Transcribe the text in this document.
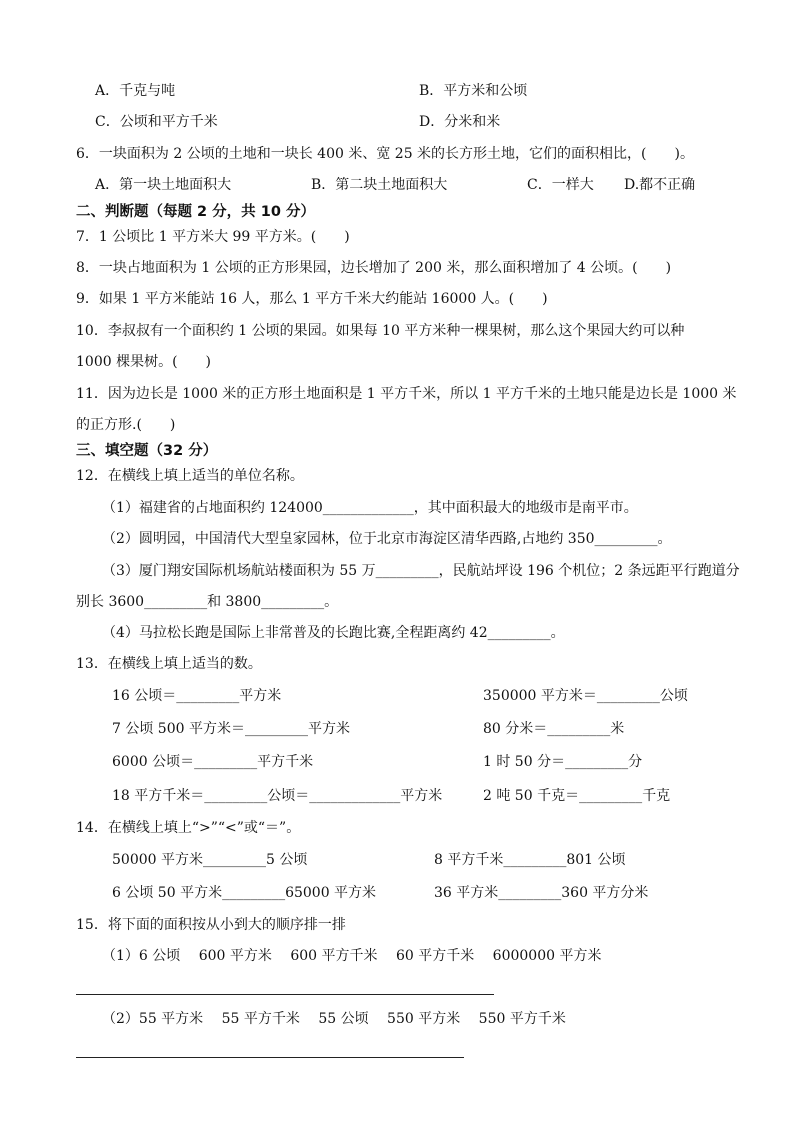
A．千克与吨	B．平方米和公顷
C．公顷和平方千米	D．分米和米
6．一块面积为 2 公顷的土地和一块长 400 米、宽 25 米的长方形土地，它们的面积相比，(　　)。
A．第一块土地面积大	B．第二块土地面积大	C．一样大 D.都不正确
二、判断题（每题 2 分，共 10 分）
7．1 公顷比 1 平方米大 99 平方米。(　　)
8．一块占地面积为 1 公顷的正方形果园，边长增加了 200 米，那么面积增加了 4 公顷。(　　)
9．如果 1 平方米能站 16 人，那么 1 平方千米大约能站 16000 人。(　　)
10．李叔叔有一个面积约 1 公顷的果园。如果每 10 平方米种一棵果树，那么这个果园大约可以种
1000 棵果树。(　　)
11．因为边长是 1000 米的正方形土地面积是 1 平方千米，所以 1 平方千米的土地只能是边长是 1000 米
的正方形.(　　)
三、填空题（32 分）
12．在横线上填上适当的单位名称。
（1）福建省的占地面积约 124000_____________，其中面积最大的地级市是南平市。
（2）圆明园，中国清代大型皇家园林，位于北京市海淀区清华西路,占地约 350_________。
（3）厦门翔安国际机场航站楼面积为 55 万_________，民航站坪设 196 个机位；2 条远距平行跑道分
别长 3600_________和 3800_________。
（4）马拉松长跑是国际上非常普及的长跑比赛,全程距离约 42_________。
13．在横线上填上适当的数。
16 公顷＝_________平方米	350000 平方米＝_________公顷
7 公顷 500 平方米＝_________平方米	80 分米＝_________米
6000 公顷＝_________平方千米	1 时 50 分＝_________分
18 平方千米＝_________公顷＝_____________平方米	2 吨 50 千克＝_________千克
14．在横线上填上“>”“<”或“＝”。
50000 平方米_________5 公顷	8 平方千米_________801 公顷
6 公顷 50 平方米_________65000 平方米	36 平方米_________360 平方分米
15．将下面的面积按从小到大的顺序排一排
（1）6 公顷　 600 平方米　 600 平方千米　 60 平方千米　 6000000 平方米
（2）55 平方米　 55 平方千米　 55 公顷　 550 平方米　 550 平方千米
